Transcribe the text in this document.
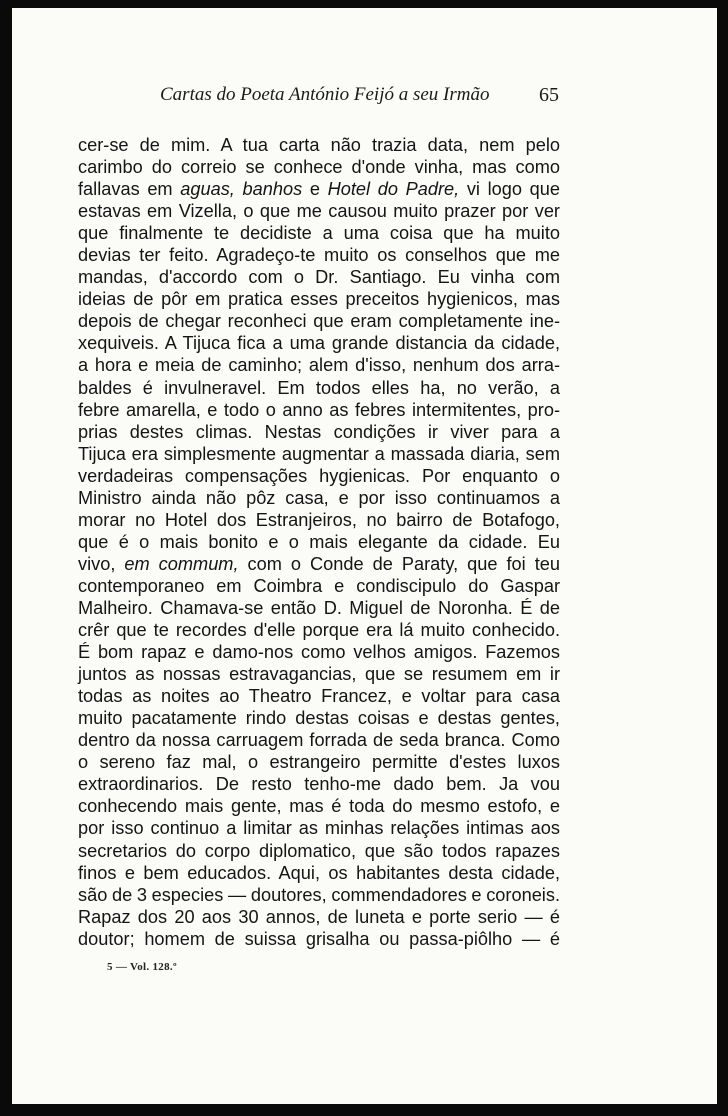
Cartas do Poeta António Feijó a seu Irmão 65
cer-se de mim. A tua carta não trazia data, nem pelo
carimbo do correio se conhece d'onde vinha, mas como
fallavas em aguas, banhos e Hotel do Padre, vi logo que
estavas em Vizella, o que me causou muito prazer por ver
que finalmente te decidiste a uma coisa que ha muito
devias ter feito. Agradeço-te muito os conselhos que me
mandas, d'accordo com o Dr. Santiago. Eu vinha com
ideias de pôr em pratica esses preceitos hygienicos, mas
depois de chegar reconheci que eram completamente ine-
xequiveis. A Tijuca fica a uma grande distancia da cidade,
a hora e meia de caminho; alem d'isso, nenhum dos arra-
baldes é invulneravel. Em todos elles ha, no verão, a
febre amarella, e todo o anno as febres intermitentes, pro-
prias destes climas. Nestas condições ir viver para a
Tijuca era simplesmente augmentar a massada diaria, sem
verdadeiras compensações hygienicas. Por enquanto o
Ministro ainda não pôz casa, e por isso continuamos a
morar no Hotel dos Estranjeiros, no bairro de Botafogo,
que é o mais bonito e o mais elegante da cidade. Eu
vivo, em commum, com o Conde de Paraty, que foi teu
contemporaneo em Coimbra e condiscipulo do Gaspar
Malheiro. Chamava-se então D. Miguel de Noronha. É de
crêr que te recordes d'elle porque era lá muito conhecido.
É bom rapaz e damo-nos como velhos amigos. Fazemos
juntos as nossas estravagancias, que se resumem em ir
todas as noites ao Theatro Francez, e voltar para casa
muito pacatamente rindo destas coisas e destas gentes,
dentro da nossa carruagem forrada de seda branca. Como
o sereno faz mal, o estrangeiro permitte d'estes luxos
extraordinarios. De resto tenho-me dado bem. Ja vou
conhecendo mais gente, mas é toda do mesmo estofo, e
por isso continuo a limitar as minhas relações intimas aos
secretarios do corpo diplomatico, que são todos rapazes
finos e bem educados. Aqui, os habitantes desta cidade,
são de 3 especies — doutores, commendadores e coroneis.
Rapaz dos 20 aos 30 annos, de luneta e porte serio — é
doutor; homem de suissa grisalha ou passa-piôlho — é
5 — Vol. 128.º
